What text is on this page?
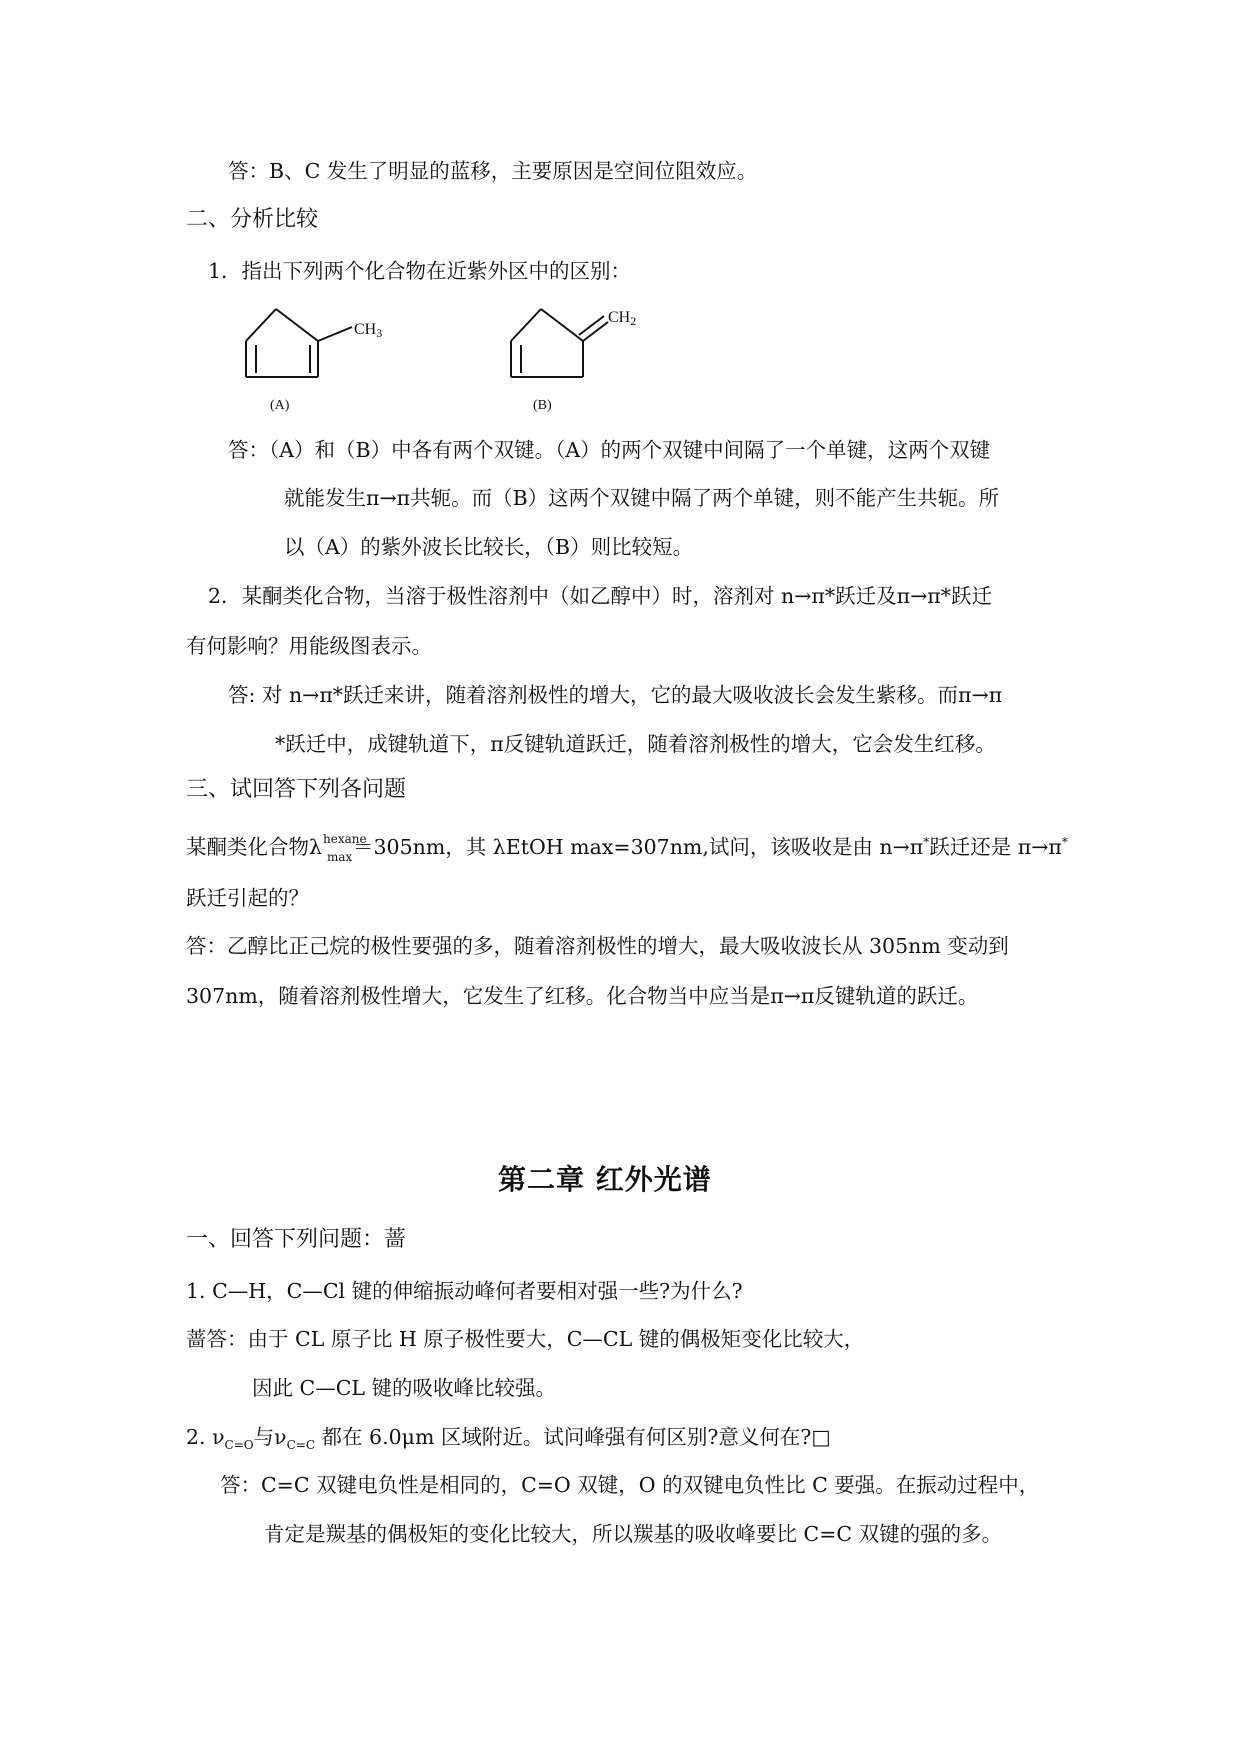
答：B、C 发生了明显的蓝移，主要原因是空间位阻效应。
二、分析比较
1．指出下列两个化合物在近紫外区中的区别：
CH3
(A)
CH2
(B)
答：（A）和（B）中各有两个双键。（A）的两个双键中间隔了一个单键，这两个双键
就能发生π→π共轭。而（B）这两个双键中隔了两个单键，则不能产生共轭。所
以（A）的紫外波长比较长，（B）则比较短。
2．某酮类化合物，当溶于极性溶剂中（如乙醇中）时，溶剂对 n→π*跃迁及π→π*跃迁
有何影响？用能级图表示。
答: 对 n→π*跃迁来讲，随着溶剂极性的增大，它的最大吸收波长会发生紫移。而π→π
*跃迁中，成键轨道下，π反键轨道跃迁，随着溶剂极性的增大，它会发生红移。
三、试回答下列各问题
某酮类化合物 λ hexane
max ＝305nm，其 λEtOH max=307nm,试问，该吸收是由 n→π*跃迁还是 π→π*
跃迁引起的？
答：乙醇比正己烷的极性要强的多，随着溶剂极性的增大，最大吸收波长从 305nm 变动到
307nm，随着溶剂极性增大，它发生了红移。化合物当中应当是π→π反键轨道的跃迁。
第二章 红外光谱
一、回答下列问题：蔷
1. C—H，C—Cl 键的伸缩振动峰何者要相对强一些?为什么?
蔷答：由于 CL 原子比 H 原子极性要大，C—CL 键的偶极矩变化比较大，
因此 C—CL 键的吸收峰比较强。
2. $\nu_{C=O}$与$\nu_{C=C}$ 都在 6.0μm 区域附近。试问峰强有何区别?意义何在?□
答：C=C 双键电负性是相同的，C=O 双键，O 的双键电负性比 C 要强。在振动过程中，
肯定是羰基的偶极矩的变化比较大，所以羰基的吸收峰要比 C=C 双键的强的多。
